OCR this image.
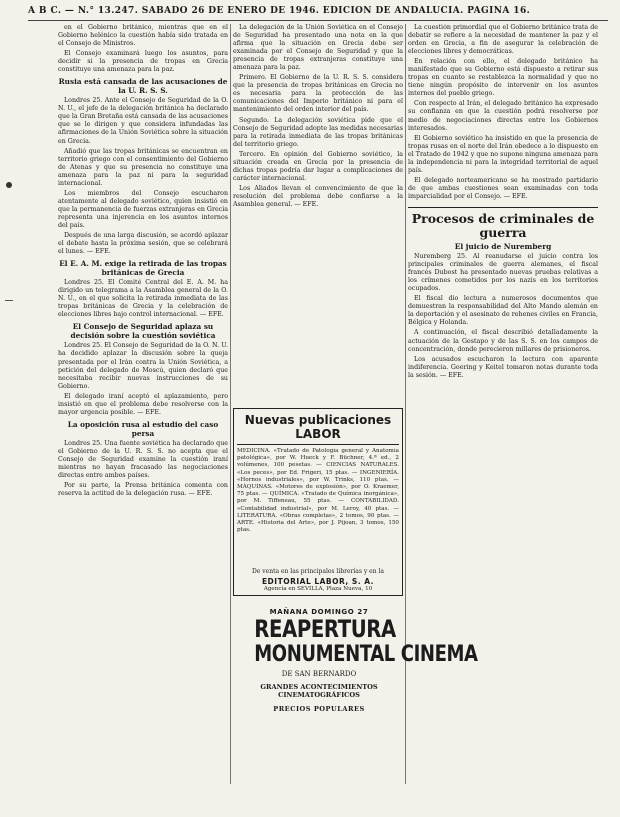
A B C. — N.° 13.247. SÁBADO 26 DE ENERO DE 1946. EDICIÓN DE ANDALUCÍA. PÁGINA 16.
en el Gobierno británico, mientras que en el Gobierno helénico la cuestión había sido tratada en el Consejo de Ministros.
El Consejo examinará luego los asuntos, para decidir si la presencia de tropas en Grecia constituye una amenaza para la paz.
Rusia está cansada de las acusaciones de la U. R. S. S.
Londres 25. Ante el Consejo de Seguridad de la O. N. U., el jefe de la delegación británica ha declarado que la Gran Bretaña está cansada de las acusaciones que se le dirigen y que considera infundadas las afirmaciones de la Unión Soviética sobre la situación en Grecia.
Añadió que las tropas británicas se encuentran en territorio griego con el consentimiento del Gobierno de Atenas y que su presencia no constituye una amenaza para la paz ni para la seguridad internacional.
Los miembros del Consejo escucharon atentamente al delegado soviético, quien insistió en que la permanencia de fuerzas extranjeras en Grecia representa una injerencia en los asuntos internos del país.
Después de una larga discusión, se acordó aplazar el debate hasta la próxima sesión, que se celebrará el lunes. — EFE.
El E. A. M. exige la retirada de las tropas británicas de Grecia
Londres 25. El Comité Central del E. A. M. ha dirigido un telegrama a la Asamblea general de la O. N. U., en el que solicita la retirada inmediata de las tropas británicas de Grecia y la celebración de elecciones libres bajo control internacional. — EFE.
El Consejo de Seguridad aplaza su decisión sobre la cuestión soviética
Londres 25. El Consejo de Seguridad de la O. N. U. ha decidido aplazar la discusión sobre la queja presentada por el Irán contra la Unión Soviética, a petición del delegado de Moscú, quien declaró que necesitaba recibir nuevas instrucciones de su Gobierno.
El delegado iraní aceptó el aplazamiento, pero insistió en que el problema debe resolverse con la mayor urgencia posible. — EFE.
La oposición rusa al estudio del caso persa
Londres 25. Una fuente soviética ha declarado que el Gobierno de la U. R. S. S. no acepta que el Consejo de Seguridad examine la cuestión iraní mientras no hayan fracasado las negociaciones directas entre ambos países.
Por su parte, la Prensa británica comenta con reserva la actitud de la delegación rusa. — EFE.
La delegación de la Unión Soviética en el Consejo de Seguridad ha presentado una nota en la que afirma que la situación en Grecia debe ser examinada por el Consejo de Seguridad y que la presencia de tropas extranjeras constituye una amenaza para la paz.
Primero. El Gobierno de la U. R. S. S. considera que la presencia de tropas británicas en Grecia no es necesaria para la protección de las comunicaciones del Imperio británico ni para el mantenimiento del orden interior del país.
Segundo. La delegación soviética pide que el Consejo de Seguridad adopte las medidas necesarias para la retirada inmediata de las tropas británicas del territorio griego.
Tercero. En opinión del Gobierno soviético, la situación creada en Grecia por la presencia de dichas tropas podría dar lugar a complicaciones de carácter internacional.
Los Aliados llevan el convencimiento de que la resolución del problema debe confiarse a la Asamblea general. — EFE.
La cuestión primordial que el Gobierno británico trata de debatir se refiere a la necesidad de mantener la paz y el orden en Grecia, a fin de asegurar la celebración de elecciones libres y democráticas.
En relación con ello, el delegado británico ha manifestado que su Gobierno está dispuesto a retirar sus tropas en cuanto se restablezca la normalidad y que no tiene ningún propósito de intervenir en los asuntos internos del pueblo griego.
Con respecto al Irán, el delegado británico ha expresado su confianza en que la cuestión podrá resolverse por medio de negociaciones directas entre los Gobiernos interesados.
El Gobierno soviético ha insistido en que la presencia de tropas rusas en el norte del Irán obedece a lo dispuesto en el Tratado de 1942 y que no supone ninguna amenaza para la independencia ni para la integridad territorial de aquel país.
El delegado norteamericano se ha mostrado partidario de que ambas cuestiones sean examinadas con toda imparcialidad por el Consejo. — EFE.
Procesos de criminales de guerra
El juicio de Nuremberg
Nuremberg 25. Al reanudarse el juicio contra los principales criminales de guerra alemanes, el fiscal francés Dubost ha presentado nuevas pruebas relativas a los crímenes cometidos por los nazis en los territorios ocupados.
El fiscal dio lectura a numerosos documentos que demuestran la responsabilidad del Alto Mando alemán en la deportación y el asesinato de rehenes civiles en Francia, Bélgica y Holanda.
A continuación, el fiscal describió detalladamente la actuación de la Gestapo y de las S. S. en los campos de concentración, donde perecieron millares de prisioneros.
Los acusados escucharon la lectura con aparente indiferencia. Goering y Keitel tomaron notas durante toda la sesión. — EFE.
Nuevas publicaciones LABOR
MEDICINA. «Tratado de Patología general y Anatomía patológica», por W. Hueck y F. Büchner, 4.ª ed., 2 volúmenes, 100 pesetas. — CIENCIAS NATURALES. «Los peces», por Ed. Frigeri, 15 ptas. — INGENIERÍA. «Hornos industriales», por W. Trinks, 110 ptas. — MÁQUINAS. «Motores de explosión», por O. Kraemer, 75 ptas. — QUÍMICA. «Tratado de Química inorgánica», por M. Tiffeneau, 55 ptas. — CONTABILIDAD. «Contabilidad industrial», por M. Leroy, 40 ptas. — LITERATURA. «Obras completas», 2 tomos, 90 ptas. — ARTE. «Historia del Arte», por J. Pijoan, 3 tomos, 150 ptas.
De venta en las principales librerías y en la
EDITORIAL LABOR, S. A.
Agencia en SEVILLA, Plaza Nueva, 10
MAÑANA DOMINGO 27
REAPERTURA
MONUMENTAL CINEMA
DE SAN BERNARDO
GRANDES ACONTECIMIENTOS CINEMATOGRÁFICOS
PRECIOS POPULARES
